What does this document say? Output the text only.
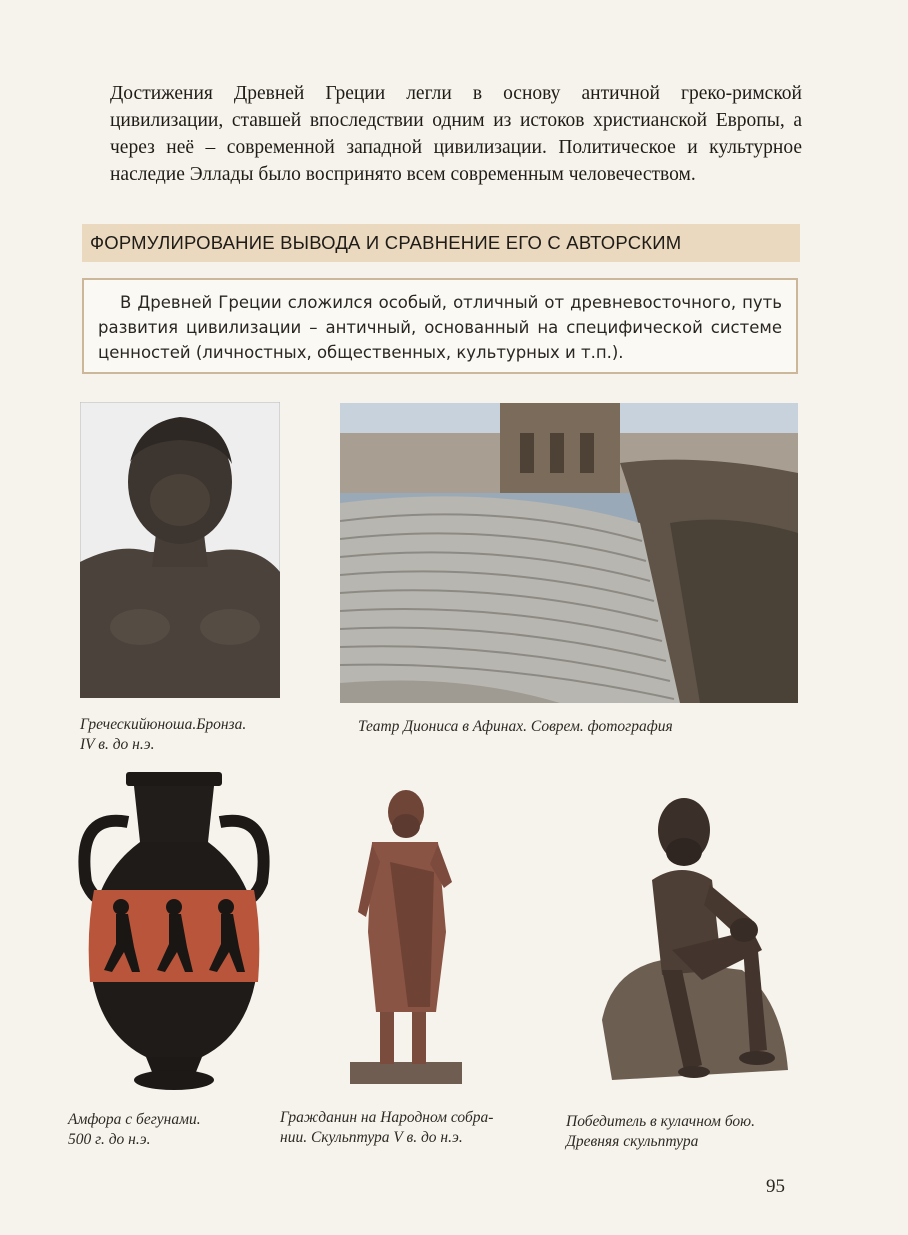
Достижения Древней Греции легли в основу античной греко-римской цивилизации, ставшей впоследствии одним из истоков христианской Европы, а через неё – современной западной цивилизации. Политическое и культурное наследие Эллады было воспринято всем современным человечеством.

ФОРМУЛИРОВАНИЕ ВЫВОДА И СРАВНЕНИЕ ЕГО С АВТОРСКИМ

В Древней Греции сложился особый, отличный от древневосточного, путь развития цивилизации – античный, основанный на специфической системе ценностей (личностных, общественных, культурных и т.п.).

Греческийюноша.Бронза.
IV в. до н.э.

Театр Диониса в Афинах. Соврем. фотография

Амфора с бегунами.
500 г. до н.э.

Гражданин на Народном собра-
нии. Скульптура V в. до н.э.

Победитель в кулачном бою.
Древняя скульптура

95
